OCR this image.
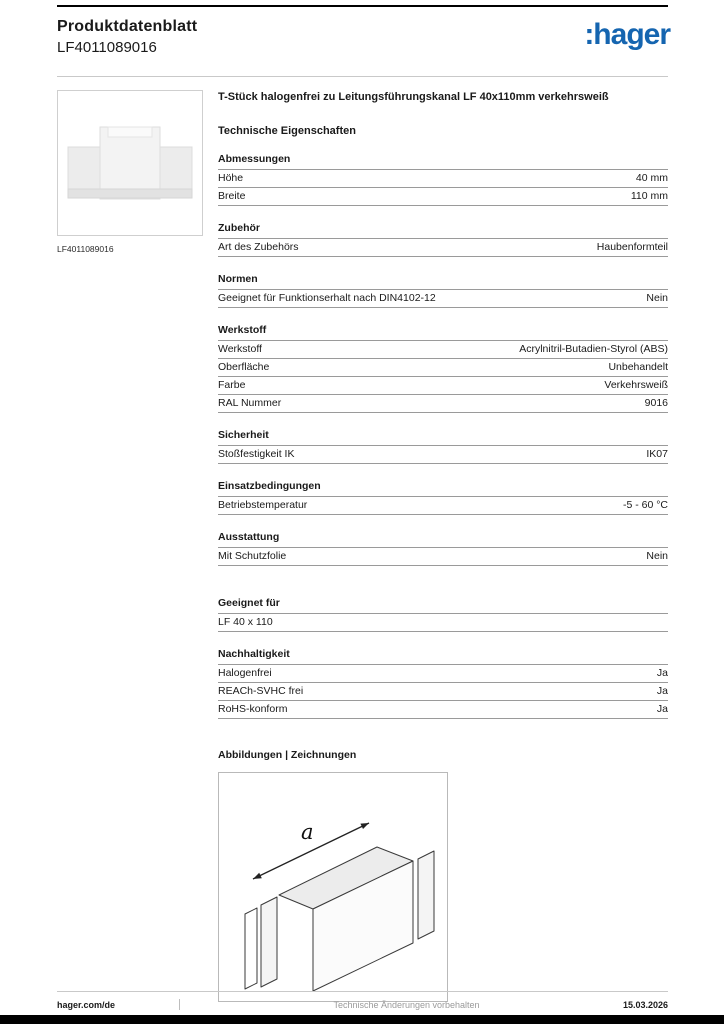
Produktdatenblatt
LF4011089016	:hager
LF4011089016
T-Stück halogenfrei zu Leitungsführungskanal LF 40x110mm verkehrsweiß
Technische Eigenschaften
Abmessungen
Höhe	40 mm
Breite	110 mm
Zubehör
Art des Zubehörs	Haubenformteil
Normen
Geeignet für Funktionserhalt nach DIN4102-12	Nein
Werkstoff
Werkstoff	Acrylnitril-Butadien-Styrol (ABS)
Oberfläche	Unbehandelt
Farbe	Verkehrsweiß
RAL Nummer	9016
Sicherheit
Stoßfestigkeit IK	IK07
Einsatzbedingungen
Betriebstemperatur	-5 - 60 °C
Ausstattung
Mit Schutzfolie	Nein
Geeignet für
LF 40 x 110
Nachhaltigkeit
Halogenfrei	Ja
REACh-SVHC frei	Ja
RoHS-konform	Ja
Abbildungen | Zeichnungen
a
hager.com/de	Technische Änderungen vorbehalten	15.03.2026
